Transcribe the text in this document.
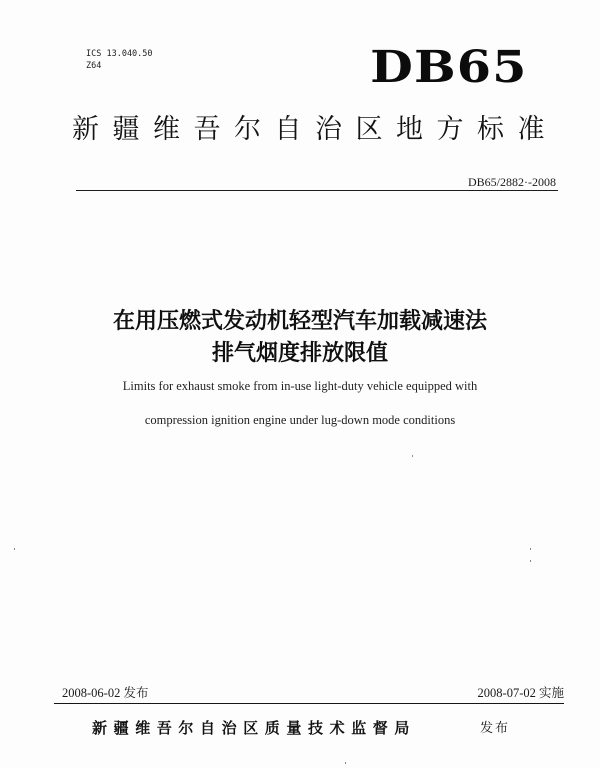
ICS 13.040.50
Z64	DB65
新疆维吾尔自治区地方标准
DB65/2882·-2008
在用压燃式发动机轻型汽车加载减速法
排气烟度排放限值
Limits for exhaust smoke from in-use light-duty vehicle equipped with
compression ignition engine under lug-down mode conditions
2008-06-02 发布	2008-07-02 实施
新疆维吾尔自治区质量技术监督局	发布
